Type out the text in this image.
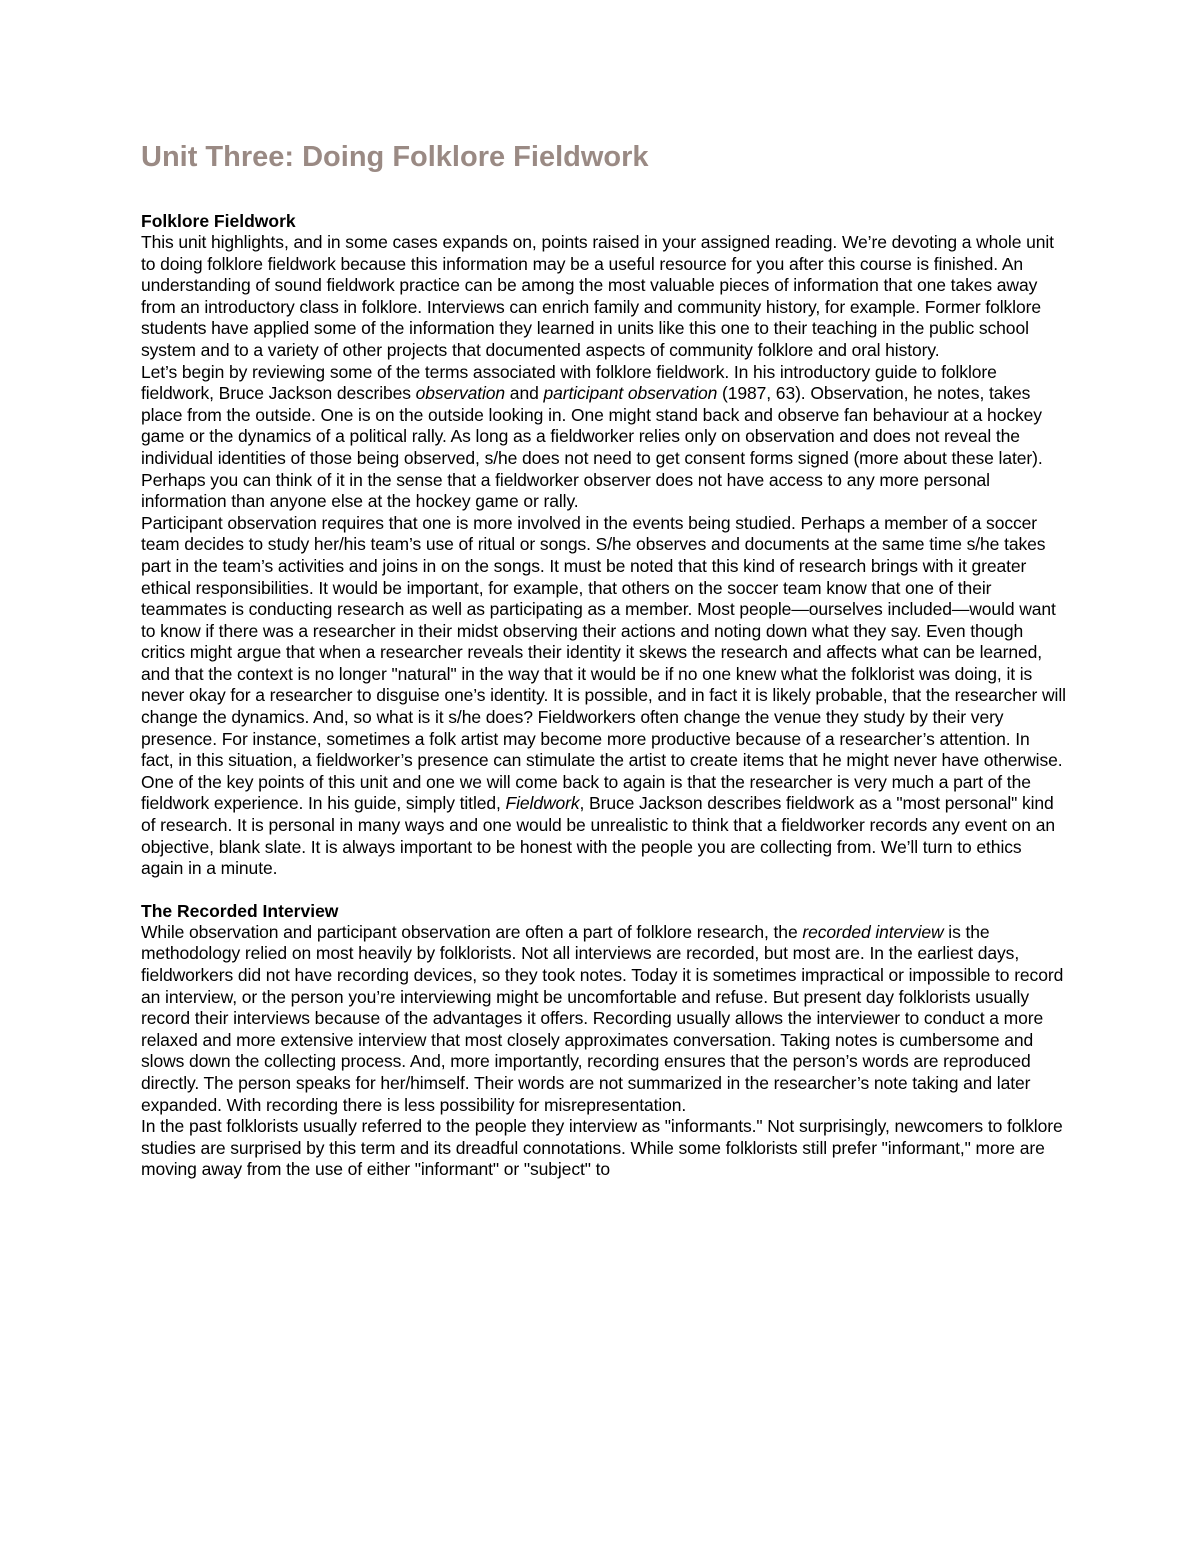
Unit Three: Doing Folklore Fieldwork
Folklore Fieldwork

This unit highlights, and in some cases expands on, points raised in your assigned reading. We’re devoting a whole unit to doing folklore fieldwork because this information may be a useful resource for you after this course is finished. An understanding of sound fieldwork practice can be among the most valuable pieces of information that one takes away from an introductory class in folklore. Interviews can enrich family and community history, for example. Former folklore students have applied some of the information they learned in units like this one to their teaching in the public school system and to a variety of other projects that documented aspects of community folklore and oral history.

Let’s begin by reviewing some of the terms associated with folklore fieldwork. In his introductory guide to folklore fieldwork, Bruce Jackson describes observation and participant observation (1987, 63). Observation, he notes, takes place from the outside. One is on the outside looking in. One might stand back and observe fan behaviour at a hockey game or the dynamics of a political rally. As long as a fieldworker relies only on observation and does not reveal the individual identities of those being observed, s/he does not need to get consent forms signed (more about these later). Perhaps you can think of it in the sense that a fieldworker observer does not have access to any more personal information than anyone else at the hockey game or rally.

Participant observation requires that one is more involved in the events being studied. Perhaps a member of a soccer team decides to study her/his team’s use of ritual or songs. S/he observes and documents at the same time s/he takes part in the team’s activities and joins in on the songs. It must be noted that this kind of research brings with it greater ethical responsibilities. It would be important, for example, that others on the soccer team know that one of their teammates is conducting research as well as participating as a member. Most people—ourselves included—would want to know if there was a researcher in their midst observing their actions and noting down what they say. Even though critics might argue that when a researcher reveals their identity it skews the research and affects what can be learned, and that the context is no longer "natural" in the way that it would be if no one knew what the folklorist was doing, it is never okay for a researcher to disguise one’s identity. It is possible, and in fact it is likely probable, that the researcher will change the dynamics. And, so what is it s/he does? Fieldworkers often change the venue they study by their very presence. For instance, sometimes a folk artist may become more productive because of a researcher’s attention. In fact, in this situation, a fieldworker’s presence can stimulate the artist to create items that he might never have otherwise. One of the key points of this unit and one we will come back to again is that the researcher is very much a part of the fieldwork experience. In his guide, simply titled, Fieldwork, Bruce Jackson describes fieldwork as a "most personal" kind of research. It is personal in many ways and one would be unrealistic to think that a fieldworker records any event on an objective, blank slate. It is always important to be honest with the people you are collecting from. We’ll turn to ethics again in a minute.

The Recorded Interview

While observation and participant observation are often a part of folklore research, the recorded interview is the methodology relied on most heavily by folklorists. Not all interviews are recorded, but most are. In the earliest days, fieldworkers did not have recording devices, so they took notes. Today it is sometimes impractical or impossible to record an interview, or the person you’re interviewing might be uncomfortable and refuse. But present day folklorists usually record their interviews because of the advantages it offers. Recording usually allows the interviewer to conduct a more relaxed and more extensive interview that most closely approximates conversation. Taking notes is cumbersome and slows down the collecting process. And, more importantly, recording ensures that the person’s words are reproduced directly. The person speaks for her/himself. Their words are not summarized in the researcher’s note taking and later expanded. With recording there is less possibility for misrepresentation.

In the past folklorists usually referred to the people they interview as "informants." Not surprisingly, newcomers to folklore studies are surprised by this term and its dreadful connotations. While some folklorists still prefer "informant," more are moving away from the use of either "informant" or "subject" to
